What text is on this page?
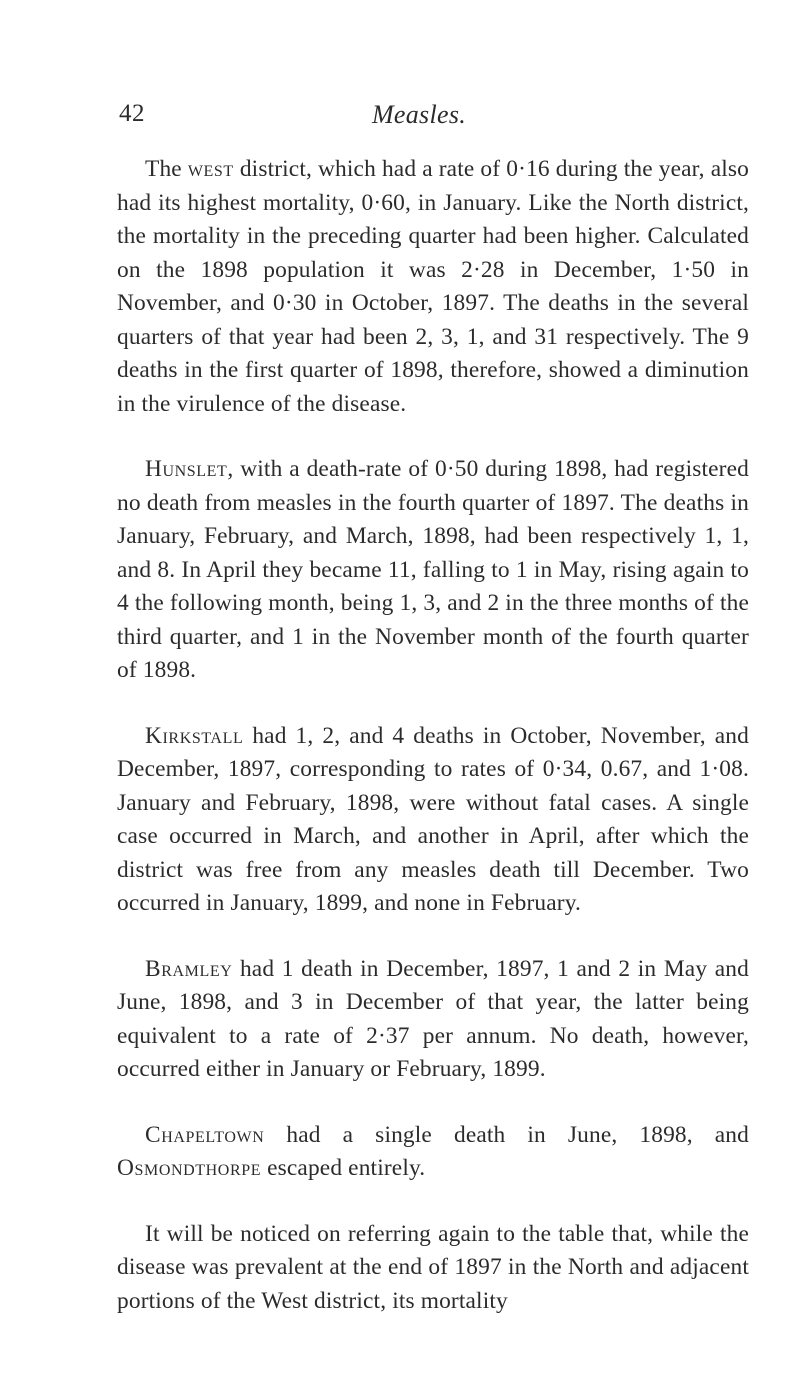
42	Measles.

The west district, which had a rate of 0·16 during the year, also had its highest mortality, 0·60, in January. Like the North district, the mortality in the preceding quarter had been higher. Calculated on the 1898 population it was 2·28 in December, 1·50 in November, and 0·30 in October, 1897. The deaths in the several quarters of that year had been 2, 3, 1, and 31 respectively. The 9 deaths in the first quarter of 1898, therefore, showed a diminution in the virulence of the disease.

Hunslet, with a death-rate of 0·50 during 1898, had registered no death from measles in the fourth quarter of 1897. The deaths in January, February, and March, 1898, had been respectively 1, 1, and 8. In April they became 11, falling to 1 in May, rising again to 4 the following month, being 1, 3, and 2 in the three months of the third quarter, and 1 in the November month of the fourth quarter of 1898.

Kirkstall had 1, 2, and 4 deaths in October, November, and December, 1897, corresponding to rates of 0·34, 0.67, and 1·08. January and February, 1898, were without fatal cases. A single case occurred in March, and another in April, after which the district was free from any measles death till December. Two occurred in January, 1899, and none in February.

Bramley had 1 death in December, 1897, 1 and 2 in May and June, 1898, and 3 in December of that year, the latter being equivalent to a rate of 2·37 per annum. No death, however, occurred either in January or February, 1899.

Chapeltown had a single death in June, 1898, and Osmondthorpe escaped entirely.

It will be noticed on referring again to the table that, while the disease was prevalent at the end of 1897 in the North and adjacent portions of the West district, its mortality
